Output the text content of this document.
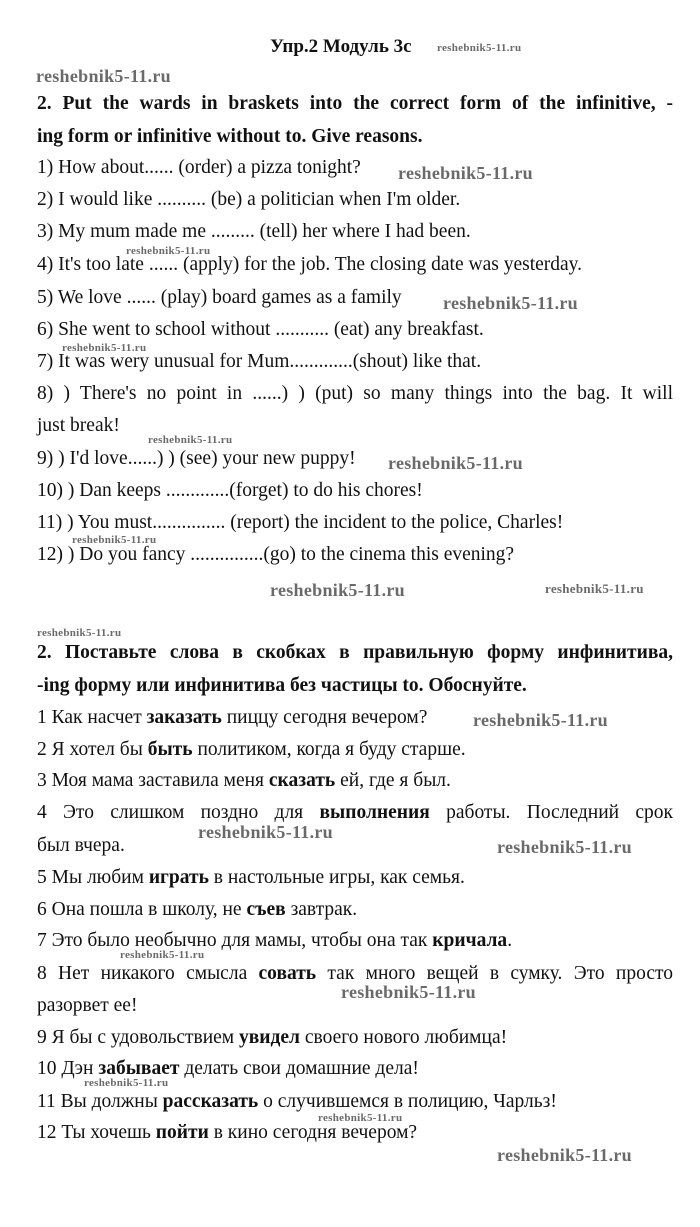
Упр.2 Модуль 3c
2. Put the wards in braskets into the correct form of the infinitive, -
ing form or infinitive without to. Give reasons.
1) How about...... (order) a pizza tonight?
2) I would like .......... (be) a politician when I'm older.
3) My mum made me ......... (tell) her where I had been.
4) It's too late ...... (apply) for the job. The closing date was yesterday.
5) We love ...... (play) board games as a family
6) She went to school without ........... (eat) any breakfast.
7) It was wery unusual for Mum.............(shout) like that.
8) ) There's no point in ......) ) (put) so many things into the bag. It will
just break!
9) ) I'd love......) ) (see) your new puppy!
10) ) Dan keeps .............(forget) to do his chores!
11) ) You must............... (report) the incident to the police, Charles!
12) ) Do you fancy ...............(go) to the cinema this evening?
2. Поставьте слова в скобках в правильную форму инфинитива,
-ing форму или инфинитива без частицы to. Обоснуйте.
1 Как насчет заказать пиццу сегодня вечером?
2 Я хотел бы быть политиком, когда я буду старше.
3 Моя мама заставила меня сказать ей, где я был.
4 Это слишком поздно для выполнения работы. Последний срок
был вчера.
5 Мы любим играть в настольные игры, как семья.
6 Она пошла в школу, не съев завтрак.
7 Это было необычно для мамы, чтобы она так кричала.
8 Нет никакого смысла совать так много вещей в сумку. Это просто
разорвет ее!
9 Я бы с удовольствием увидел своего нового любимца!
10 Дэн забывает делать свои домашние дела!
11 Вы должны рассказать о случившемся в полицию, Чарльз!
12 Ты хочешь пойти в кино сегодня вечером?
reshebnik5-11.ru
reshebnik5-11.ru
reshebnik5-11.ru
reshebnik5-11.ru
reshebnik5-11.ru
reshebnik5-11.ru
reshebnik5-11.ru
reshebnik5-11.ru
reshebnik5-11.ru
reshebnik5-11.ru	reshebnik5-11.ru
reshebnik5-11.ru
reshebnik5-11.ru
reshebnik5-11.ru
reshebnik5-11.ru
reshebnik5-11.ru
reshebnik5-11.ru
reshebnik5-11.ru
reshebnik5-11.ru
reshebnik5-11.ru
